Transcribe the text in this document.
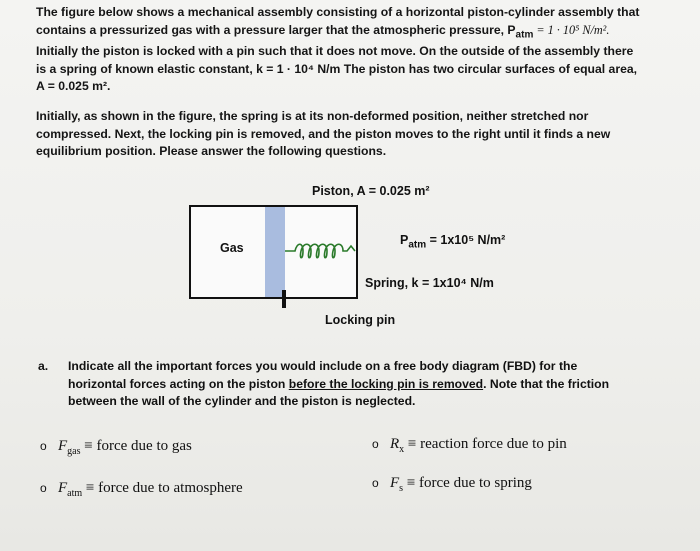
The figure below shows a mechanical assembly consisting of a horizontal piston-cylinder assembly that
contains a pressurized gas with a pressure larger that the atmospheric pressure, $P_{atm} = 1 \cdot 10^5$ N/m².
Initially the piston is locked with a pin such that it does not move. On the outside of the assembly there
is a spring of known elastic constant, k = 1 · 10⁴ N/m The piston has two circular surfaces of equal area,
A = 0.025 m².
Initially, as shown in the figure, the spring is at its non-deformed position, neither stretched nor
compressed. Next, the locking pin is removed, and the piston moves to the right until it finds a new
equilibrium position. Please answer the following questions.
Piston, A = 0.025 m²
Gas
$P_{atm} = 1x10^5$ N/m²
Spring, k = 1x10⁴ N/m
Locking pin
a. Indicate all the important forces you would include on a free body diagram (FBD) for the
horizontal forces acting on the piston before the locking pin is removed. Note that the friction
between the wall of the cylinder and the piston is neglected.
o $F_{gas}$ ≡ force due to gas	o $R_x$ ≡ reaction force due to pin
o $F_{atm}$ ≡ force due to atmosphere	o $F_s$ ≡ force due to spring
